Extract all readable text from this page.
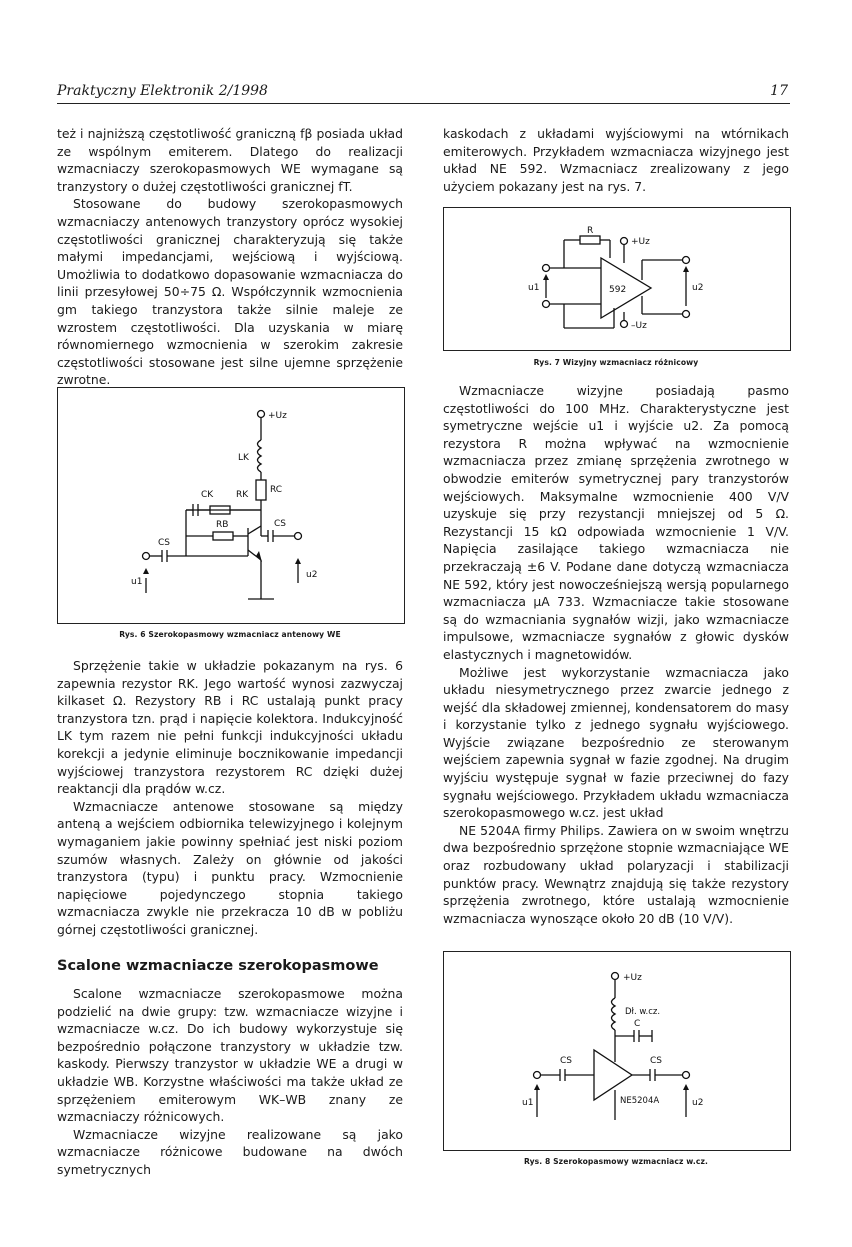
Praktyczny Elektronik 2/1998	17

też i najniższą częstotliwość graniczną fβ posiada układ ze wspólnym emiterem. Dlatego do realizacji wzmacniaczy szerokopasmowych WE wymagane są tranzystory o dużej częstotliwości granicznej fT.

Stosowane do budowy szerokopasmowych wzmacniaczy antenowych tranzystory oprócz wysokiej częstotliwości granicznej charakteryzują się także małymi impedancjami, wejściową i wyjściową. Umożliwia to dodatkowo dopasowanie wzmacniacza do linii przesyłowej 50÷75 Ω. Współczynnik wzmocnienia gm takiego tranzystora także silnie maleje ze wzrostem częstotliwości. Dla uzyskania w miarę równomiernego wzmocnienia w szerokim zakresie częstotliwości stosowane jest silne ujemne sprzężenie zwrotne.

+Uz
LK
RC
CK	RK
RB
CS
CS
u1
u2
Rys. 6 Szerokopasmowy wzmacniacz antenowy WE

Sprzężenie takie w układzie pokazanym na rys. 6 zapewnia rezystor RK. Jego wartość wynosi zazwyczaj kilkaset Ω. Rezystory RB i RC ustalają punkt pracy tranzystora tzn. prąd i napięcie kolektora. Indukcyjność LK tym razem nie pełni funkcji indukcyjności układu korekcji a jedynie eliminuje bocznikowanie impedancji wyjściowej tranzystora rezystorem RC dzięki dużej reaktancji dla prądów w.cz.

Wzmacniacze antenowe stosowane są między anteną a wejściem odbiornika telewizyjnego i kolejnym wymaganiem jakie powinny spełniać jest niski poziom szumów własnych. Zależy on głównie od jakości tranzystora (typu) i punktu pracy. Wzmocnienie napięciowe pojedynczego stopnia takiego wzmacniacza zwykle nie przekracza 10 dB w pobliżu górnej częstotliwości granicznej.

Scalone wzmacniacze szerokopasmowe

Scalone wzmacniacze szerokopasmowe można podzielić na dwie grupy: tzw. wzmacniacze wizyjne i wzmacniacze w.cz. Do ich budowy wykorzystuje się bezpośrednio połączone tranzystory w układzie tzw. kaskody. Pierwszy tranzystor w układzie WE a drugi w układzie WB. Korzystne właściwości ma także układ ze sprzężeniem emiterowym WK–WB znany ze wzmacniaczy różnicowych.

Wzmacniacze wizyjne realizowane są jako wzmacniacze różnicowe budowane na dwóch symetrycznych

kaskodach z układami wyjściowymi na wtórnikach emiterowych. Przykładem wzmacniacza wizyjnego jest układ NE 592. Wzmacniacz zrealizowany z jego użyciem pokazany jest na rys. 7.

R
+Uz
–Uz
592
u1	u2
Rys. 7 Wizyjny wzmacniacz różnicowy

Wzmacniacze wizyjne posiadają pasmo częstotliwości do 100 MHz. Charakterystyczne jest symetryczne wejście u1 i wyjście u2. Za pomocą rezystora R można wpływać na wzmocnienie wzmacniacza przez zmianę sprzężenia zwrotnego w obwodzie emiterów symetrycznej pary tranzystorów wejściowych. Maksymalne wzmocnienie 400 V/V uzyskuje się przy rezystancji mniejszej od 5 Ω. Rezystancji 15 kΩ odpowiada wzmocnienie 1 V/V. Napięcia zasilające takiego wzmacniacza nie przekraczają ±6 V. Podane dane dotyczą wzmacniacza NE 592, który jest nowocześniejszą wersją popularnego wzmacniacza µA 733. Wzmacniacze takie stosowane są do wzmacniania sygnałów wizji, jako wzmacniacze impulsowe, wzmacniacze sygnałów z głowic dysków elastycznych i magnetowidów.

Możliwe jest wykorzystanie wzmacniacza jako układu niesymetrycznego przez zwarcie jednego z wejść dla składowej zmiennej, kondensatorem do masy i korzystanie tylko z jednego sygnału wyjściowego. Wyjście związane bezpośrednio ze sterowanym wejściem zapewnia sygnał w fazie zgodnej. Na drugim wyjściu występuje sygnał w fazie przeciwnej do fazy sygnału wejściowego. Przykładem układu wzmacniacza szerokopasmowego w.cz. jest układ

NE 5204A firmy Philips. Zawiera on w swoim wnętrzu dwa bezpośrednio sprzężone stopnie wzmacniające WE oraz rozbudowany układ polaryzacji i stabilizacji punktów pracy. Wewnątrz znajdują się także rezystory sprzężenia zwrotnego, które ustalają wzmocnienie wzmacniacza wynoszące około 20 dB (10 V/V).

+Uz
Dł. w.cz.
C
CS	CS
NE5204A
u1	u2
Rys. 8 Szerokopasmowy wzmacniacz w.cz.
